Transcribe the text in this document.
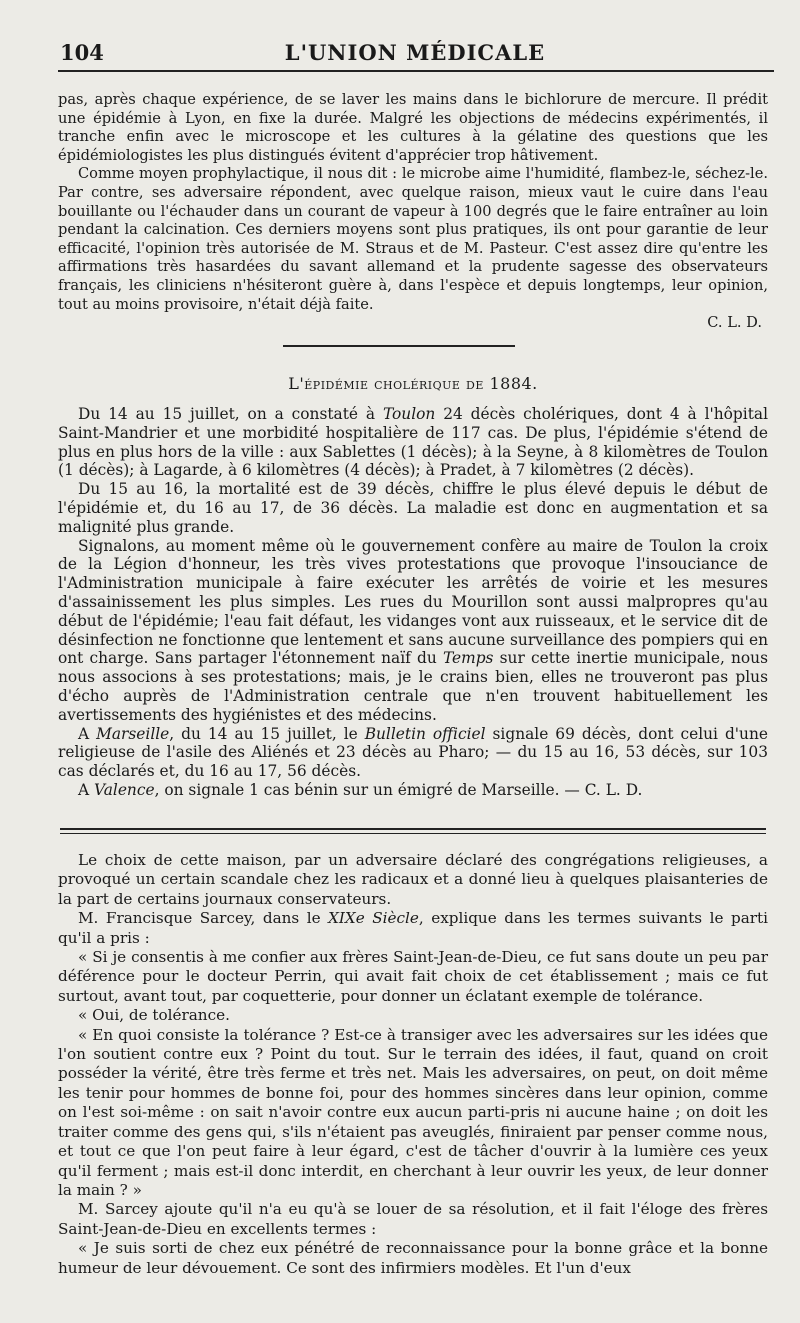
104	L'UNION MÉDICALE

pas, après chaque expérience, de se laver les mains dans le bichlorure de mercure. Il prédit une épidémie à Lyon, en fixe la durée. Malgré les objections de médecins expérimentés, il tranche enfin avec le microscope et les cultures à la gélatine des questions que les épidémiologistes les plus distingués évitent d'apprécier trop hâtivement.

Comme moyen prophylactique, il nous dit : le microbe aime l'humidité, flambez-le, séchez-le. Par contre, ses adversaire répondent, avec quelque raison, mieux vaut le cuire dans l'eau bouillante ou l'échauder dans un courant de vapeur à 100 degrés que le faire entraîner au loin pendant la calcination. Ces derniers moyens sont plus pratiques, ils ont pour garantie de leur efficacité, l'opinion très autorisée de M. Straus et de M. Pasteur. C'est assez dire qu'entre les affirmations très hasardées du savant allemand et la prudente sagesse des observateurs français, les cliniciens n'hésiteront guère à, dans l'espèce et depuis longtemps, leur opinion, tout au moins provisoire, n'était déjà faite.

C. L. D.

L'épidémie cholérique de 1884.

Du 14 au 15 juillet, on a constaté à Toulon 24 décès cholériques, dont 4 à l'hôpital Saint-Mandrier et une morbidité hospitalière de 117 cas. De plus, l'épidémie s'étend de plus en plus hors de la ville : aux Sablettes (1 décès); à la Seyne, à 8 kilomètres de Toulon (1 décès); à Lagarde, à 6 kilomètres (4 décès); à Pradet, à 7 kilomètres (2 décès).

Du 15 au 16, la mortalité est de 39 décès, chiffre le plus élevé depuis le début de l'épidémie et, du 16 au 17, de 36 décès. La maladie est donc en augmentation et sa malignité plus grande.

Signalons, au moment même où le gouvernement confère au maire de Toulon la croix de la Légion d'honneur, les très vives protestations que provoque l'insouciance de l'Administration municipale à faire exécuter les arrêtés de voirie et les mesures d'assainissement les plus simples. Les rues du Mourillon sont aussi malpropres qu'au début de l'épidémie; l'eau fait défaut, les vidanges vont aux ruisseaux, et le service dit de désinfection ne fonctionne que lentement et sans aucune surveillance des pompiers qui en ont charge. Sans partager l'étonnement naïf du Temps sur cette inertie municipale, nous nous associons à ses protestations; mais, je le crains bien, elles ne trouveront pas plus d'écho auprès de l'Administration centrale que n'en trouvent habituellement les avertissements des hygiénistes et des médecins.

A Marseille, du 14 au 15 juillet, le Bulletin officiel signale 69 décès, dont celui d'une religieuse de l'asile des Aliénés et 23 décès au Pharo; — du 15 au 16, 53 décès, sur 103 cas déclarés et, du 16 au 17, 56 décès.

A Valence, on signale 1 cas bénin sur un émigré de Marseille. — C. L. D.

Le choix de cette maison, par un adversaire déclaré des congrégations religieuses, a provoqué un certain scandale chez les radicaux et a donné lieu à quelques plaisanteries de la part de certains journaux conservateurs.

M. Francisque Sarcey, dans le XIXe Siècle, explique dans les termes suivants le parti qu'il a pris :

« Si je consentis à me confier aux frères Saint-Jean-de-Dieu, ce fut sans doute un peu par déférence pour le docteur Perrin, qui avait fait choix de cet établissement ; mais ce fut surtout, avant tout, par coquetterie, pour donner un éclatant exemple de tolérance.

« Oui, de tolérance.

« En quoi consiste la tolérance ? Est-ce à transiger avec les adversaires sur les idées que l'on soutient contre eux ? Point du tout. Sur le terrain des idées, il faut, quand on croit posséder la vérité, être très ferme et très net. Mais les adversaires, on peut, on doit même les tenir pour hommes de bonne foi, pour des hommes sincères dans leur opinion, comme on l'est soi-même : on sait n'avoir contre eux aucun parti-pris ni aucune haine ; on doit les traiter comme des gens qui, s'ils n'étaient pas aveuglés, finiraient par penser comme nous, et tout ce que l'on peut faire à leur égard, c'est de tâcher d'ouvrir à la lumière ces yeux qu'il ferment ; mais est-il donc interdit, en cherchant à leur ouvrir les yeux, de leur donner la main ? »

M. Sarcey ajoute qu'il n'a eu qu'à se louer de sa résolution, et il fait l'éloge des frères Saint-Jean-de-Dieu en excellents termes :

« Je suis sorti de chez eux pénétré de reconnaissance pour la bonne grâce et la bonne humeur de leur dévouement. Ce sont des infirmiers modèles. Et l'un d'eux
